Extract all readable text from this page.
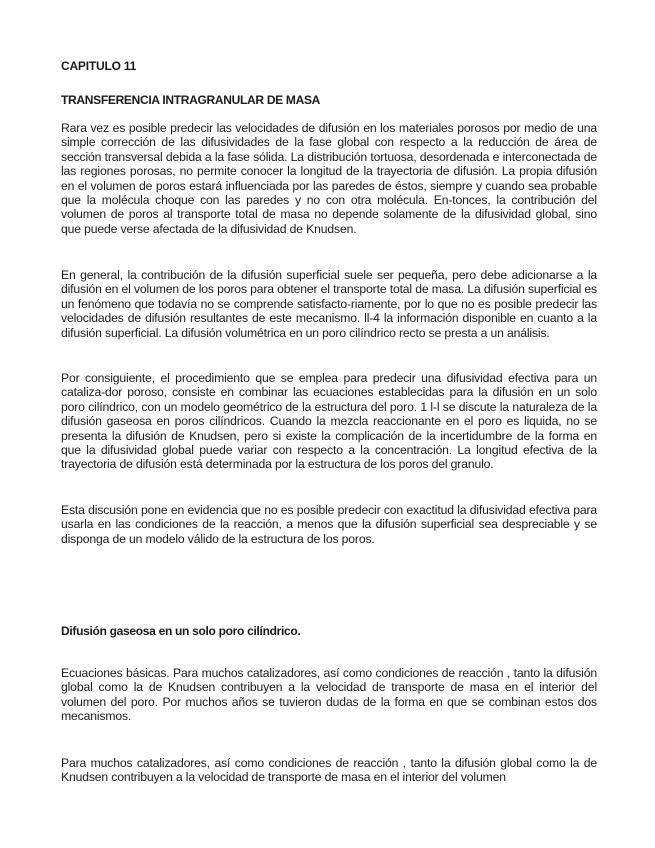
CAPITULO 11

TRANSFERENCIA INTRAGRANULAR DE MASA

Rara vez es posible predecir las velocidades de difusión en los materiales porosos por medio de una simple corrección de las difusividades de la fase global con respecto a la reducción de área de sección transversal debida a la fase sólida. La distribución tortuosa, desordenada e interconectada de las regiones porosas, no permite conocer la longitud de la trayectoria de difusión. La propia difusión en el volumen de poros estará influenciada por las paredes de éstos, siempre y cuando sea probable que la molécula choque con las paredes y no con otra molécula. En-tonces, la contribución del volumen de poros al transporte total de masa no depende solamente de la difusividad global, sino que puede verse afectada de la difusividad de Knudsen.

En general, la contribución de la difusión superficial suele ser pequeña, pero debe adicionarse a la difusión en el volumen de los poros para obtener el transporte total de masa. La difusión superficial es un fenómeno que todavía no se comprende satisfacto-riamente, por lo que no es posible predecir las velocidades de difusión resultantes de este mecanismo. ll-4 la información disponible en cuanto a la difusión superficial. La difusión volumétrica en un poro cilíndrico recto se presta a un análisis.

Por consiguiente, el procedimiento que se emplea para predecir una difusividad efectiva para un cataliza-dor poroso, consiste en combinar las ecuaciones establecidas para la difusión en un solo poro cilíndrico, con un modelo geométrico de la estructura del poro. 1 l-l se discute la naturaleza de la difusión gaseosa en poros cilíndricos. Cuando la mezcla reaccionante en el poro es liquida, no se presenta la difusión de Knudsen, pero si existe la complicación de la incertidumbre de la forma en que la difusividad global puede variar con respecto a la concentración. La longitud efectiva de la trayectoria de difusión está determinada por la estructura de los poros del granulo.

Esta discusión pone en evidencia que no es posible predecir con exactitud la difusividad efectiva para usarla en las condiciones de la reacción, a menos que la difusión superficial sea despreciable y se disponga de un modelo válido de la estructura de los poros.

Difusión gaseosa en un solo poro cilíndrico.

Ecuaciones básicas. Para muchos catalizadores, así como condiciones de reacción , tanto la difusión global como la de Knudsen contribuyen a la velocidad de transporte de masa en el interior del volumen del poro. Por muchos años se tuvieron dudas de la forma en que se combinan estos dos mecanismos.

Para muchos catalizadores, así como condiciones de reacción , tanto la difusión global como la de Knudsen contribuyen a la velocidad de transporte de masa en el interior del volumen
